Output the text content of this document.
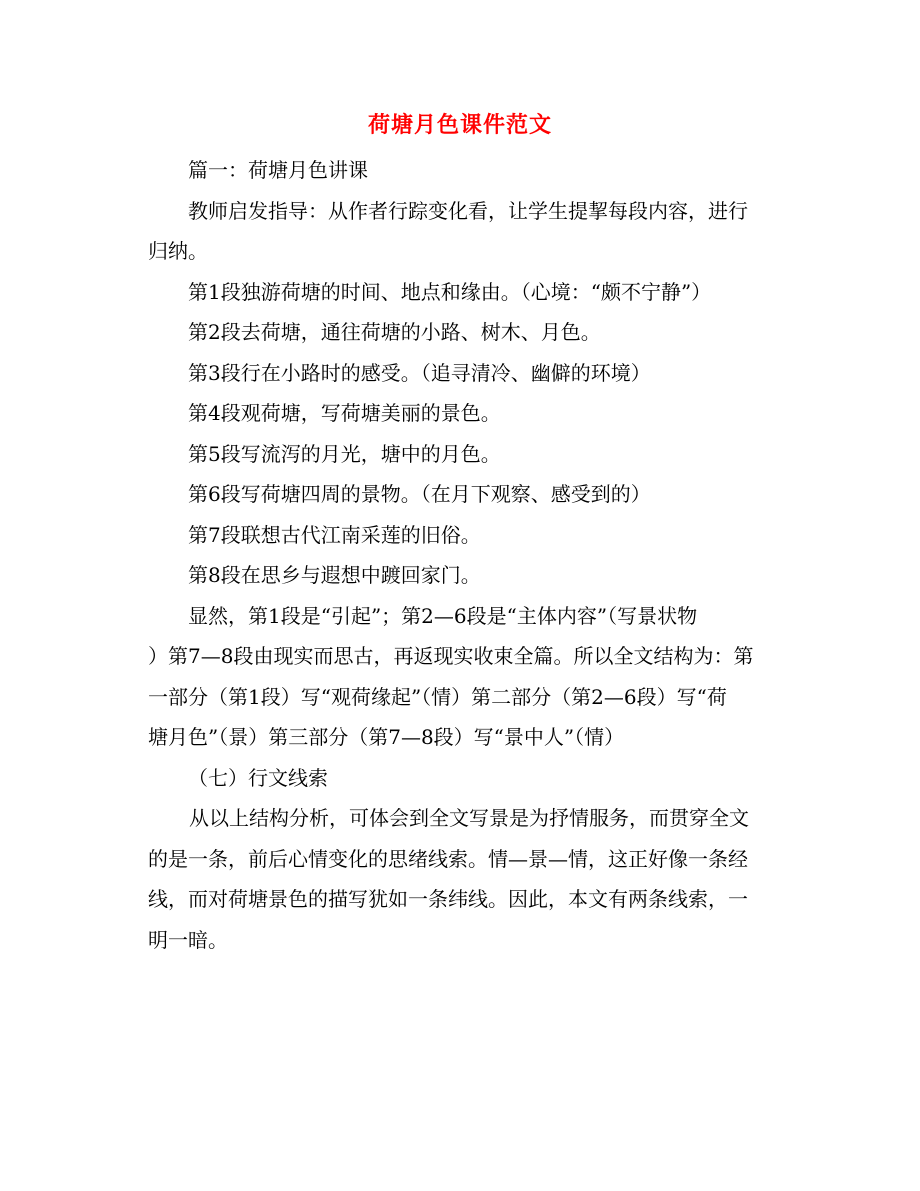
荷塘月色课件范文
篇一：荷塘月色讲课
教师启发指导：从作者行踪变化看，让学生提挈每段内容，进行
归纳。
第1段独游荷塘的时间、地点和缘由。（心境：“颇不宁静”）
第2段去荷塘，通往荷塘的小路、树木、月色。
第3段行在小路时的感受。（追寻清冷、幽僻的环境）
第4段观荷塘，写荷塘美丽的景色。
第5段写流泻的月光，塘中的月色。
第6段写荷塘四周的景物。（在月下观察、感受到的）
第7段联想古代江南采莲的旧俗。
第8段在思乡与遐想中踱回家门。
显然，第1段是“引起”；第2—6段是“主体内容”（写景状物
）第7—8段由现实而思古，再返现实收束全篇。所以全文结构为：第
一部分（第1段）写“观荷缘起”（情）第二部分（第2—6段）写“荷
塘月色”（景）第三部分（第7—8段）写“景中人”（情）
（七）行文线索
从以上结构分析，可体会到全文写景是为抒情服务，而贯穿全文
的是一条，前后心情变化的思绪线索。情—景—情，这正好像一条经
线，而对荷塘景色的描写犹如一条纬线。因此，本文有两条线索，一
明一暗。
